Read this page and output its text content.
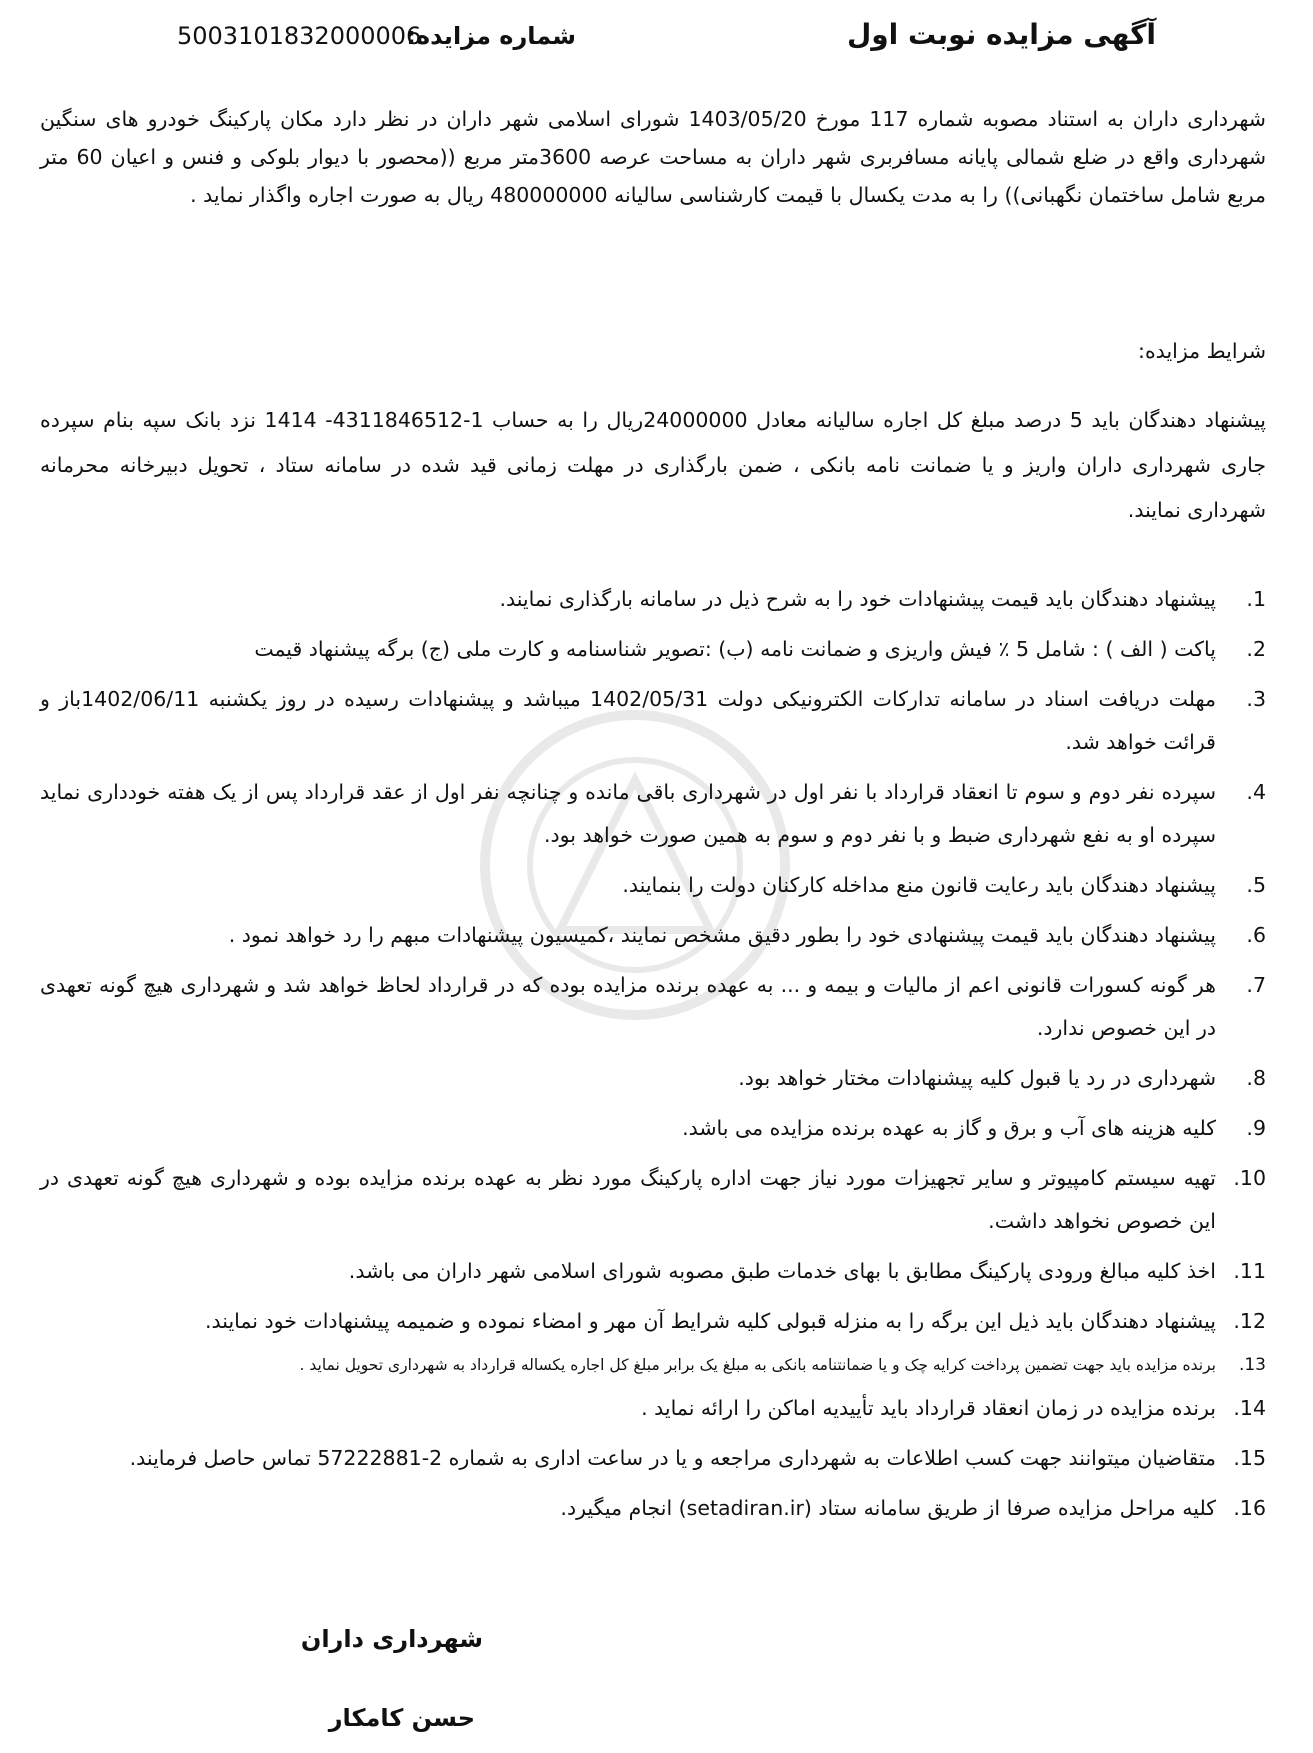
آگهی مزایده نوبت اول
شماره مزایده:
5003101832000006

شهرداری داران به استناد مصوبه شماره 117 مورخ 1403/05/20 شورای اسلامی شهر داران در نظر دارد مکان پارکینگ خودرو های سنگین شهرداری واقع در ضلع شمالی پایانه مسافربری شهر داران به مساحت عرصه 3600متر مربع ((محصور با دیوار بلوکی و فنس و اعیان 60 متر مربع شامل ساختمان نگهبانی)) را به مدت یکسال با قیمت کارشناسی سالیانه 480000000 ریال به صورت اجاره واگذار نماید .

شرایط مزایده:

پیشنهاد دهندگان باید 5 درصد مبلغ کل اجاره سالیانه معادل 24000000ریال را به حساب 1-4311846512- 1414 نزد بانک سپه بنام سپرده جاری شهرداری داران واریز و یا ضمانت نامه بانکی ، ضمن بارگذاری در مهلت زمانی قید شده در سامانه ستاد ، تحویل دبیرخانه محرمانه شهرداری نمایند.

1.
پیشنهاد دهندگان باید قیمت پیشنهادات خود را به شرح ذیل در سامانه بارگذاری نمایند.
2.
پاکت ( الف ) : شامل 5 ٪ فیش واریزی و ضمانت نامه (ب) :تصویر شناسنامه و کارت ملی (ج) برگه پیشنهاد قیمت
3.
مهلت دریافت اسناد در سامانه تدارکات الکترونیکی دولت 1402/05/31 میباشد و پیشنهادات رسیده در روز یکشنبه 1402/06/11باز و قرائت خواهد شد.
4.
سپرده نفر دوم و سوم تا انعقاد قرارداد با نفر اول در شهرداری باقی مانده و چنانچه نفر اول از عقد قرارداد پس از یک هفته خودداری نماید سپرده او به نفع شهرداری ضبط و با نفر دوم و سوم به همین صورت خواهد بود.
5.
پیشنهاد دهندگان باید رعایت قانون منع مداخله کارکنان دولت را بنمایند.
6.
پیشنهاد دهندگان باید قیمت پیشنهادی خود را بطور دقیق مشخص نمایند ،کمیسیون پیشنهادات مبهم را رد خواهد نمود .
7.
هر گونه کسورات قانونی اعم از مالیات و بیمه و ... به عهده برنده مزایده بوده که در قرارداد لحاظ خواهد شد و شهرداری هیچ گونه تعهدی در این خصوص ندارد.
8.
شهرداری در رد یا قبول کلیه پیشنهادات مختار خواهد بود.
9.
کلیه هزینه های آب و برق و گاز به عهده برنده مزایده می باشد.
10.
تهیه سیستم کامپیوتر و سایر تجهیزات مورد نیاز جهت اداره پارکینگ مورد نظر به عهده برنده مزایده بوده و شهرداری هیچ گونه تعهدی در این خصوص نخواهد داشت.
11.
اخذ کلیه مبالغ ورودی پارکینگ مطابق با بهای خدمات طبق مصوبه شورای اسلامی شهر داران می باشد.
12.
پیشنهاد دهندگان باید ذیل این برگه را به منزله قبولی کلیه شرایط آن مهر و امضاء نموده و ضمیمه پیشنهادات خود نمایند.
13.
برنده مزایده باید جهت تضمین پرداخت کرایه چک و یا ضمانتنامه بانکی به مبلغ یک برابر مبلغ کل اجاره یکساله قرارداد به شهرداری تحویل نماید .
14.
برنده مزایده در زمان انعقاد قرارداد باید تأییدیه اماکن را ارائه نماید .
15.
متقاضیان میتوانند جهت کسب اطلاعات به شهرداری مراجعه و یا در ساعت اداری به شماره 2-57222881 تماس حاصل فرمایند.
16.
کلیه مراحل مزایده صرفا از طریق سامانه ستاد (setadiran.ir) انجام میگیرد.
شهرداری داران
حسن کامکار
